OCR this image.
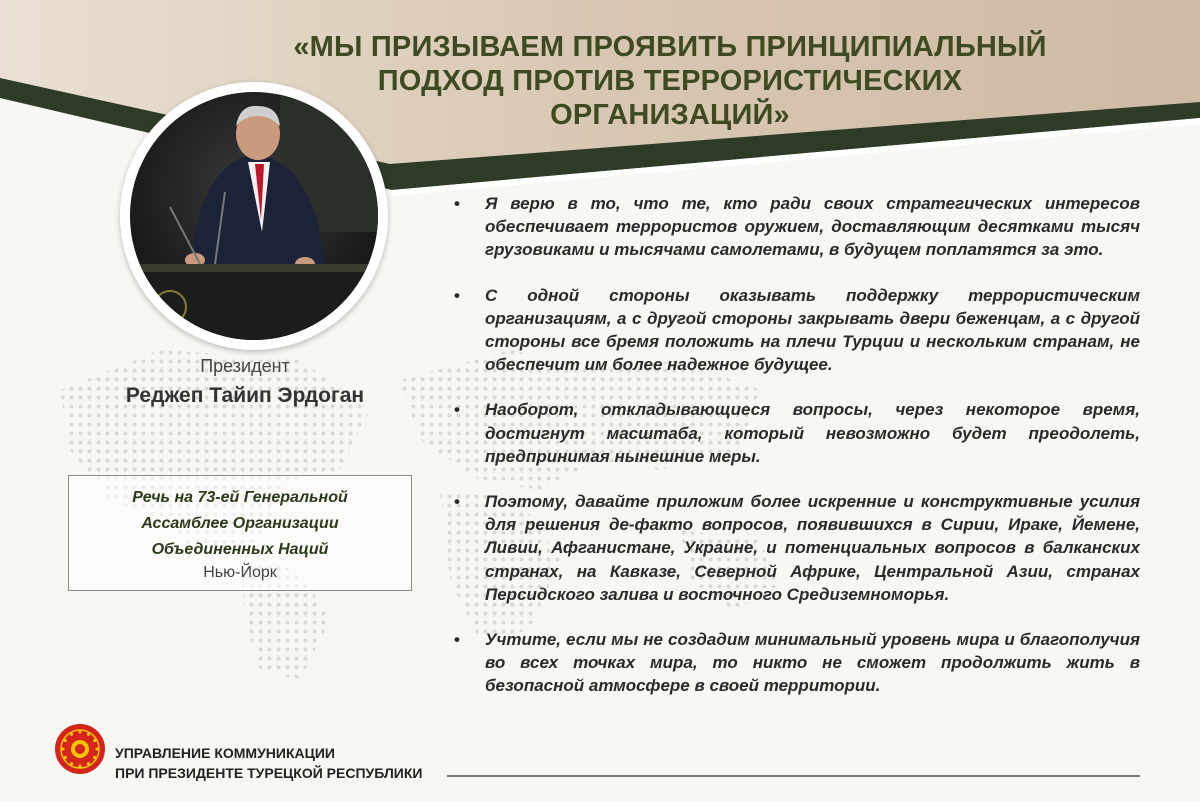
«МЫ ПРИЗЫВАЕМ ПРОЯВИТЬ ПРИНЦИПИАЛЬНЫЙ
ПОДХОД ПРОТИВ ТЕРРОРИСТИЧЕСКИХ
ОРГАНИЗАЦИЙ»

Президент

Реджеп Тайип Эрдоган

Речь на 73-ей Генеральной
Ассамблее Организации
Объединенных Наций
Нью-Йорк
• Я верю в то, что те, кто ради своих стратегических интересов обеспечивает террористов оружием, доставляющим десятками тысяч грузовиками и тысячами самолетами, в будущем поплатятся за это.
• С одной стороны оказывать поддержку террористическим организациям, а с другой стороны закрывать двери беженцам, а с другой стороны все бремя положить на плечи Турции и нескольким странам, не обеспечит им более надежное будущее.
• Наоборот, откладывающиеся вопросы, через некоторое время, достигнут масштаба, который невозможно будет преодолеть, предпринимая нынешние меры.
• Поэтому, давайте приложим более искренние и конструктивные усилия для решения де-факто вопросов, появившихся в Сирии, Ираке, Йемене, Ливии, Афганистане, Украине, и потенциальных вопросов в балканских странах, на Кавказе, Северной Африке, Центральной Азии, странах Персидского залива и восточного Средиземноморья.
• Учтите, если мы не создадим минимальный уровень мира и благополучия во всех точках мира, то никто не сможет продолжить жить в безопасной атмосфере в своей территории.

УПРАВЛЕНИЕ КОММУНИКАЦИИ
ПРИ ПРЕЗИДЕНТЕ ТУРЕЦКОЙ РЕСПУБЛИКИ
